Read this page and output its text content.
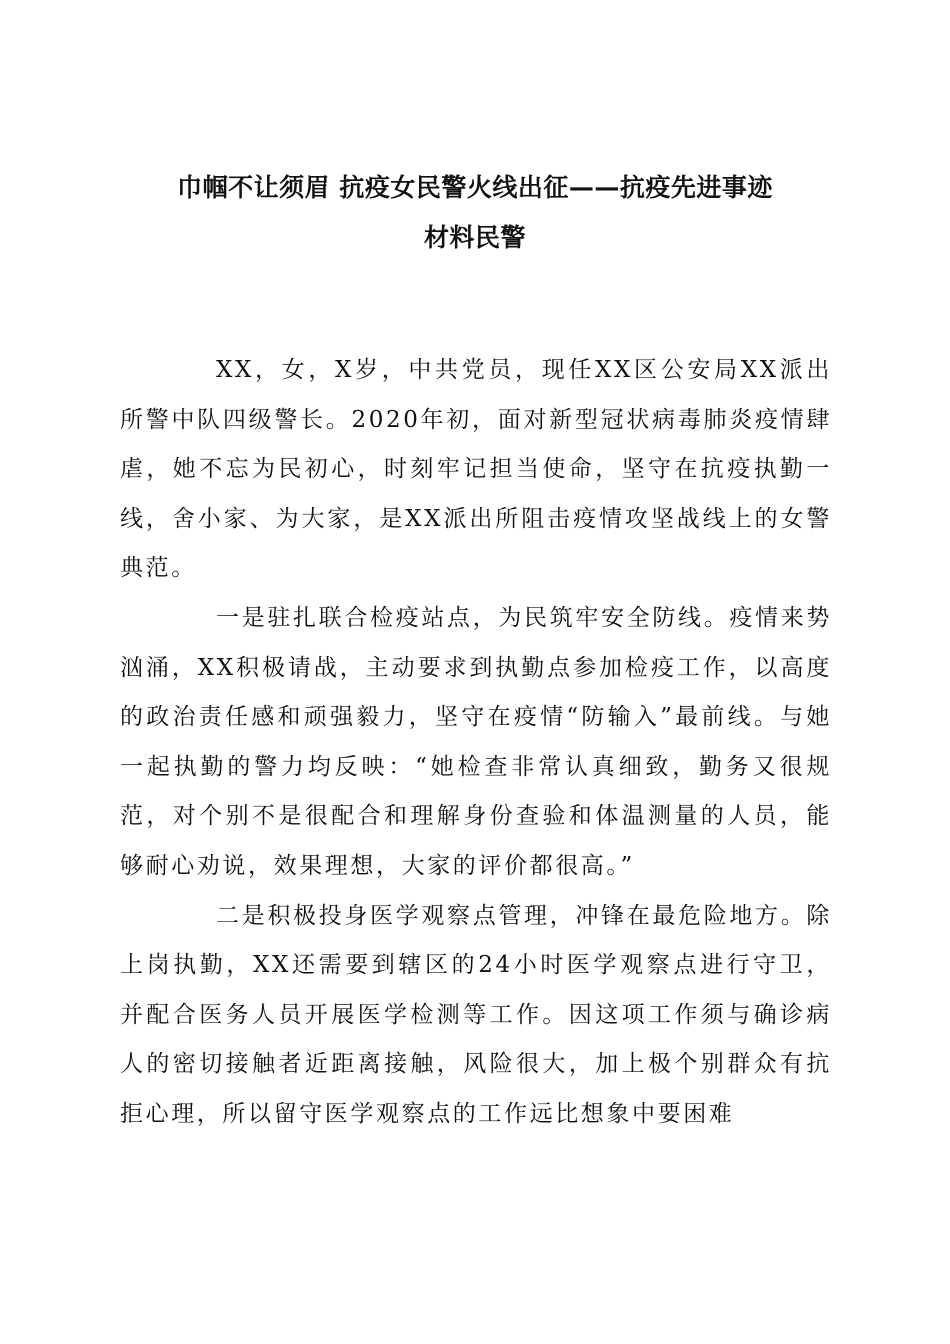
巾帼不让须眉 抗疫女民警火线出征——抗疫先进事迹
材料民警

XX，女，X岁，中共党员，现任XX区公安局XX派出所警中队四级警长。2020年初，面对新型冠状病毒肺炎疫情肆虐，她不忘为民初心，时刻牢记担当使命，坚守在抗疫执勤一线，舍小家、为大家，是XX派出所阻击疫情攻坚战线上的女警典范。

一是驻扎联合检疫站点，为民筑牢安全防线。疫情来势汹涌，XX积极请战，主动要求到执勤点参加检疫工作，以高度的政治责任感和顽强毅力，坚守在疫情“防输入”最前线。与她一起执勤的警力均反映：“她检查非常认真细致，勤务又很规范，对个别不是很配合和理解身份查验和体温测量的人员，能够耐心劝说，效果理想，大家的评价都很高。”

二是积极投身医学观察点管理，冲锋在最危险地方。除上岗执勤，XX还需要到辖区的24小时医学观察点进行守卫，并配合医务人员开展医学检测等工作。因这项工作须与确诊病人的密切接触者近距离接触，风险很大，加上极个别群众有抗拒心理，所以留守医学观察点的工作远比想象中要困难
